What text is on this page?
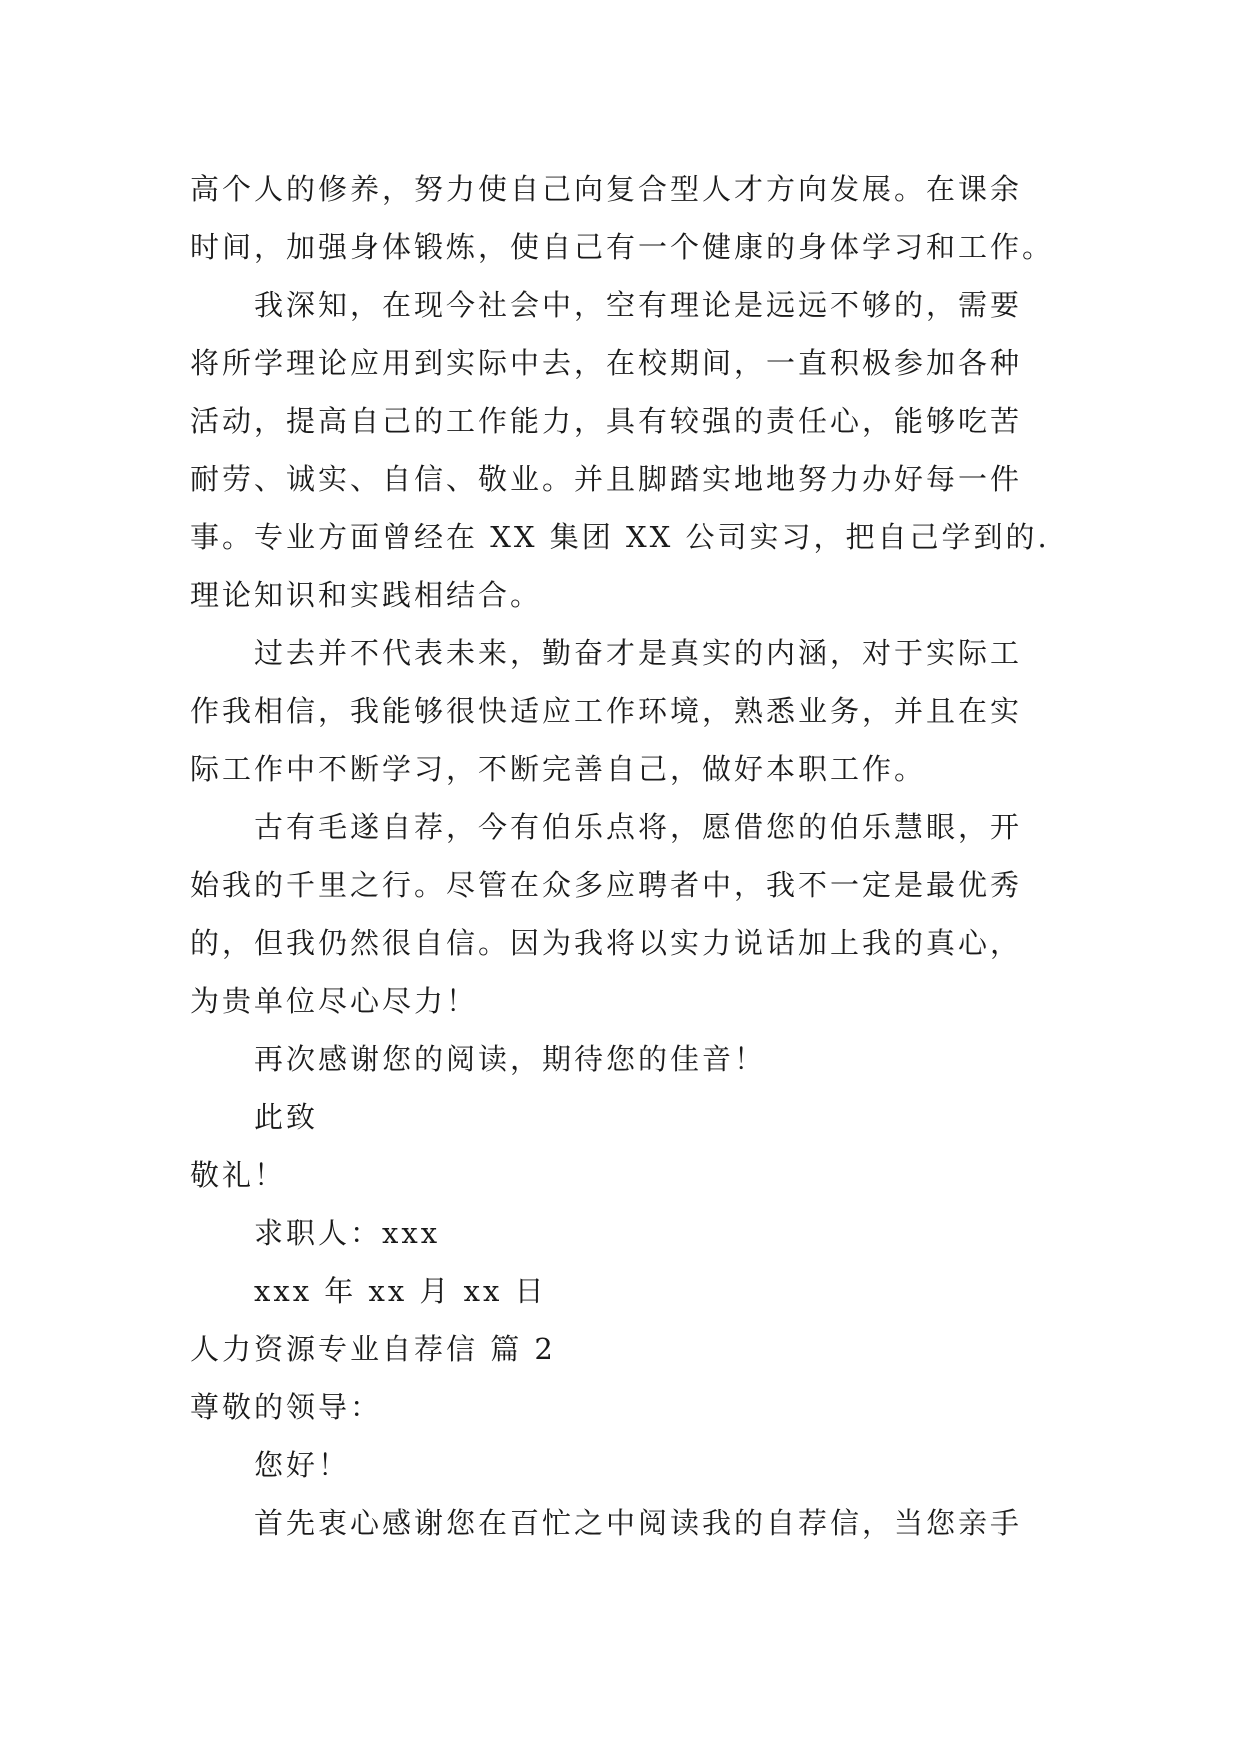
高个人的修养，努力使自己向复合型人才方向发展。在课余
时间，加强身体锻炼，使自己有一个健康的身体学习和工作。
我深知，在现今社会中，空有理论是远远不够的，需要
将所学理论应用到实际中去，在校期间，一直积极参加各种
活动，提高自己的工作能力，具有较强的责任心，能够吃苦
耐劳、诚实、自信、敬业。并且脚踏实地地努力办好每一件
事。专业方面曾经在 XX 集团 XX 公司实习，把自己学到的.
理论知识和实践相结合。
过去并不代表未来，勤奋才是真实的内涵，对于实际工
作我相信，我能够很快适应工作环境，熟悉业务，并且在实
际工作中不断学习，不断完善自己，做好本职工作。
古有毛遂自荐，今有伯乐点将，愿借您的伯乐慧眼，开
始我的千里之行。尽管在众多应聘者中，我不一定是最优秀
的，但我仍然很自信。因为我将以实力说话加上我的真心，
为贵单位尽心尽力！
再次感谢您的阅读，期待您的佳音！
此致
敬礼！
求职人：xxx
xxx 年 xx 月 xx 日
人力资源专业自荐信 篇 2
尊敬的领导：
您好！
首先衷心感谢您在百忙之中阅读我的自荐信，当您亲手
